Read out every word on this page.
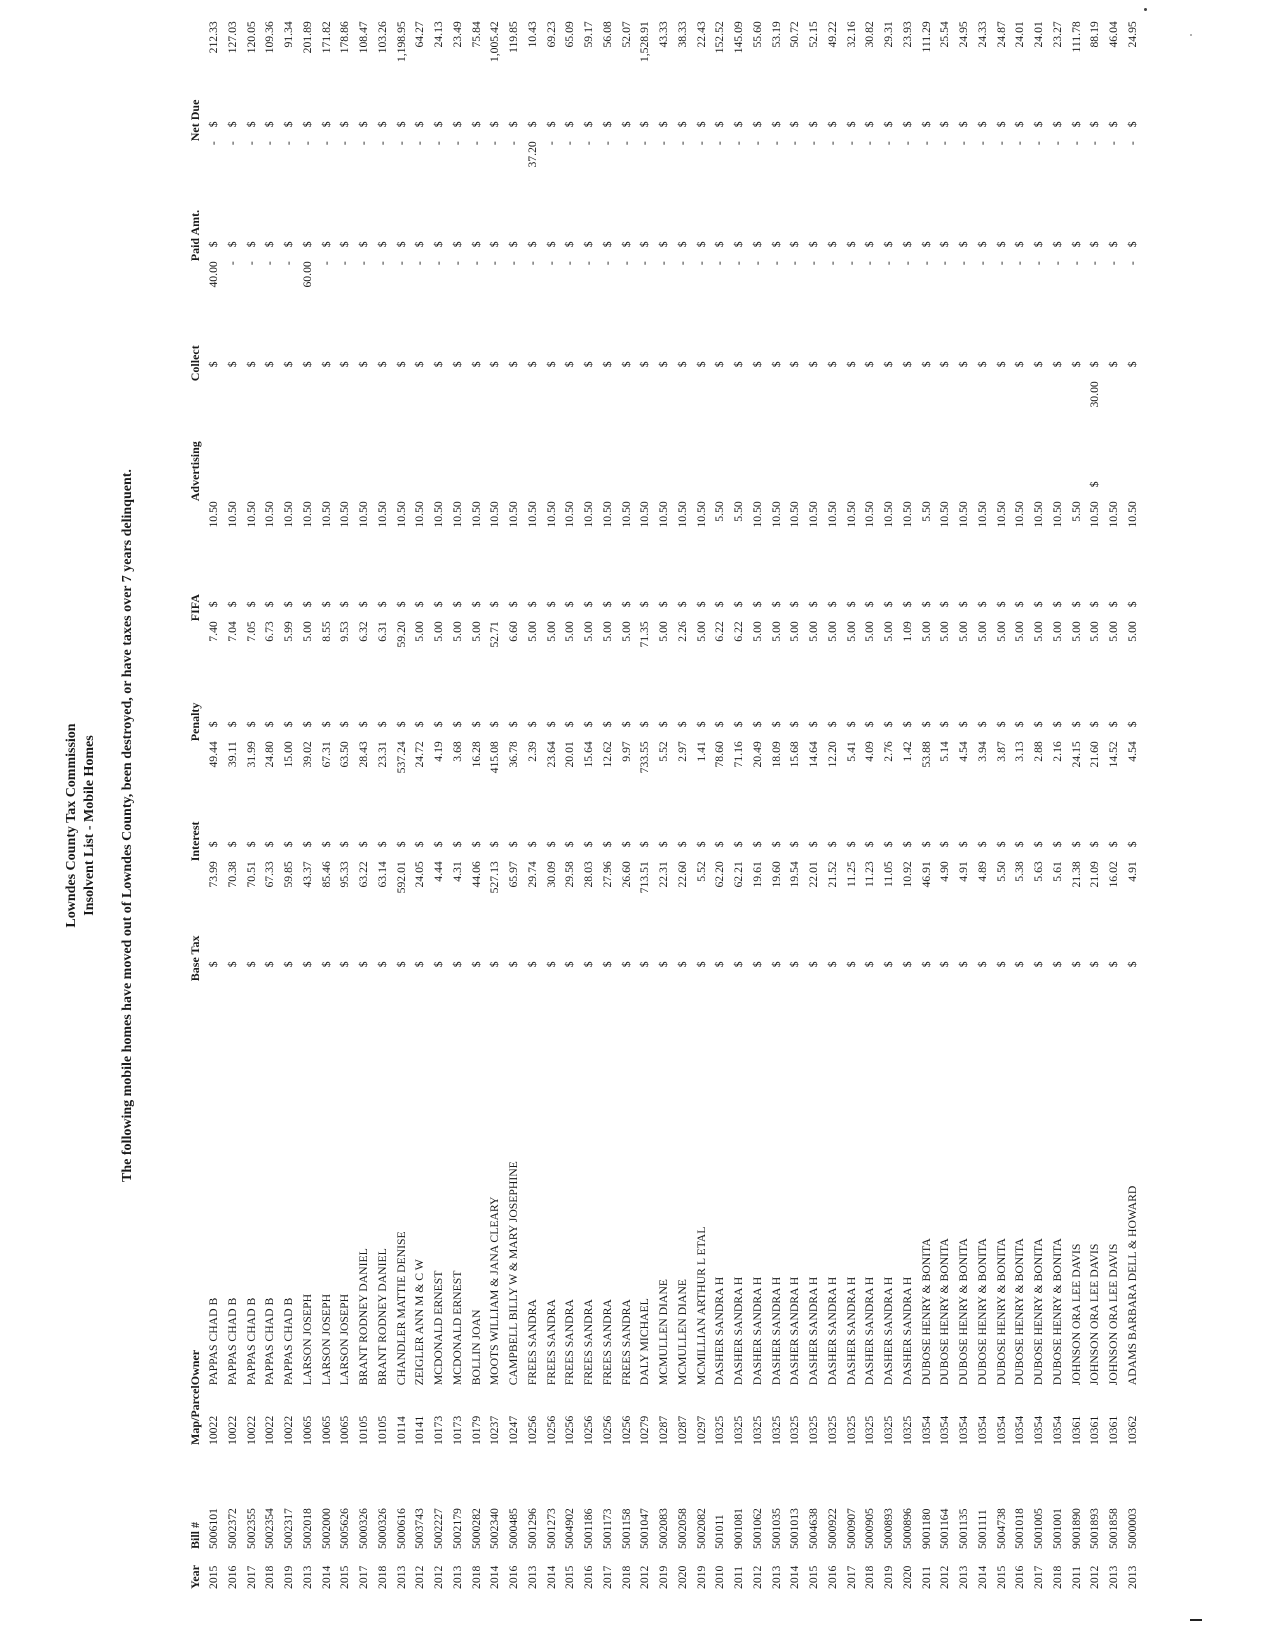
Lowndes County Tax Commission Insolvent List - Mobile Homes The following mobile homes have moved out of Lowndes County, been destroyed, or have taxes over 7 years delinquent.
Year	Bill #	Map/Parcel	Owner	Base Tax	Interest	Penalty	FIFA	Advertising	Collect	Paid Amt.	Net Due
2015	5006101	10022	PAPPAS CHAD B	$73.99	$49.44	$7.40	$10.50		$40.00	$-	$212.33
2016	5002372	10022	PAPPAS CHAD B	$70.38	$39.11	$7.04	$10.50		$-	$-	$127.03
2017	5002355	10022	PAPPAS CHAD B	$70.51	$31.99	$7.05	$10.50		$-	$-	$120.05
2018	5002354	10022	PAPPAS CHAD B	$67.33	$24.80	$6.73	$10.50		$-	$-	$109.36
2019	5002317	10022	PAPPAS CHAD B	$59.85	$15.00	$5.99	$10.50		$-	$-	$91.34
2013	5002018	10065	LARSON JOSEPH	$43.37	$39.02	$5.00	$10.50		$60.00	$-	$201.89
2014	5002000	10065	LARSON JOSEPH	$85.46	$67.31	$8.55	$10.50		$-	$-	$171.82
2015	5005626	10065	LARSON JOSEPH	$95.33	$63.50	$9.53	$10.50		$-	$-	$178.86
2017	5000326	10105	BRANT RODNEY DANIEL	$63.22	$28.43	$6.32	$10.50		$-	$-	$108.47
2018	5000326	10105	BRANT RODNEY DANIEL	$63.14	$23.31	$6.31	$10.50		$-	$-	$103.26
2013	5000616	10114	CHANDLER MATTIE DENISE	$592.01	$537.24	$59.20	$10.50		$-	$-	$1,198.95
2012	5003743	10141	ZEIGLER ANN M & C W	$24.05	$24.72	$5.00	$10.50		$-	$-	$64.27
2012	5002227	10173	MCDONALD ERNEST	$4.44	$4.19	$5.00	$10.50		$-	$-	$24.13
2013	5002179	10173	MCDONALD ERNEST	$4.31	$3.68	$5.00	$10.50		$-	$-	$23.49
2018	5000282	10179	BOLLIN JOAN	$44.06	$16.28	$5.00	$10.50		$-	$-	$75.84
2014	5002340	10237	MOOTS WILLIAM & JANA CLEARY	$527.13	$415.08	$52.71	$10.50		$-	$-	$1,005.42
2016	5000485	10247	CAMPBELL BILLY W & MARY JOSEPHINE	$65.97	$36.78	$6.60	$10.50		$-	$-	$119.85
2013	5001296	10256	FREES SANDRA	$29.74	$2.39	$5.00	$10.50		$-	$37.20	$10.43
2014	5001273	10256	FREES SANDRA	$30.09	$23.64	$5.00	$10.50		$-	$-	$69.23
2015	5004902	10256	FREES SANDRA	$29.58	$20.01	$5.00	$10.50		$-	$-	$65.09
2016	5001186	10256	FREES SANDRA	$28.03	$15.64	$5.00	$10.50		$-	$-	$59.17
2017	5001173	10256	FREES SANDRA	$27.96	$12.62	$5.00	$10.50		$-	$-	$56.08
2018	5001158	10256	FREES SANDRA	$26.60	$9.97	$5.00	$10.50		$-	$-	$52.07
2012	5001047	10279	DALY MICHAEL	$713.51	$733.55	$71.35	$10.50		$-	$-	$1,528.91
2019	5002083	10287	MCMULLEN DIANE	$22.31	$5.52	$5.00	$10.50		$-	$-	$43.33
2020	5002058	10287	MCMULLEN DIANE	$22.60	$2.97	$2.26	$10.50		$-	$-	$38.33
2019	5002082	10297	MCMILLIAN ARTHUR L ETAL	$5.52	$1.41	$5.00	$10.50		$-	$-	$22.43
2010	501011	10325	DASHER SANDRA H	$62.20	$78.60	$6.22	$5.50		$-	$-	$152.52
2011	9001081	10325	DASHER SANDRA H	$62.21	$71.16	$6.22	$5.50		$-	$-	$145.09
2012	5001062	10325	DASHER SANDRA H	$19.61	$20.49	$5.00	$10.50		$-	$-	$55.60
2013	5001035	10325	DASHER SANDRA H	$19.60	$18.09	$5.00	$10.50		$-	$-	$53.19
2014	5001013	10325	DASHER SANDRA H	$19.54	$15.68	$5.00	$10.50		$-	$-	$50.72
2015	5004638	10325	DASHER SANDRA H	$22.01	$14.64	$5.00	$10.50		$-	$-	$52.15
2016	5000922	10325	DASHER SANDRA H	$21.52	$12.20	$5.00	$10.50		$-	$-	$49.22
2017	5000907	10325	DASHER SANDRA H	$11.25	$5.41	$5.00	$10.50		$-	$-	$32.16
2018	5000905	10325	DASHER SANDRA H	$11.23	$4.09	$5.00	$10.50		$-	$-	$30.82
2019	5000893	10325	DASHER SANDRA H	$11.05	$2.76	$5.00	$10.50		$-	$-	$29.31
2020	5000896	10325	DASHER SANDRA H	$10.92	$1.42	$1.09	$10.50		$-	$-	$23.93
2011	9001180	10354	DUBOSE HENRY & BONITA	$46.91	$53.88	$5.00	$5.50		$-	$-	$111.29
2012	5001164	10354	DUBOSE HENRY & BONITA	$4.90	$5.14	$5.00	$10.50		$-	$-	$25.54
2013	5001135	10354	DUBOSE HENRY & BONITA	$4.91	$4.54	$5.00	$10.50		$-	$-	$24.95
2014	5001111	10354	DUBOSE HENRY & BONITA	$4.89	$3.94	$5.00	$10.50		$-	$-	$24.33
2015	5004738	10354	DUBOSE HENRY & BONITA	$5.50	$3.87	$5.00	$10.50		$-	$-	$24.87
2016	5001018	10354	DUBOSE HENRY & BONITA	$5.38	$3.13	$5.00	$10.50		$-	$-	$24.01
2017	5001005	10354	DUBOSE HENRY & BONITA	$5.63	$2.88	$5.00	$10.50		$-	$-	$24.01
2018	5001001	10354	DUBOSE HENRY & BONITA	$5.61	$2.16	$5.00	$10.50		$-	$-	$23.27
2011	9001890	10361	JOHNSON ORA LEE DAVIS	$21.38	$24.15	$5.00	$5.50		$-	$-	$111.78
2012	5001893	10361	JOHNSON ORA LEE DAVIS	$21.09	$21.60	$5.00	$10.50	$30.00	$-	$-	$88.19
2013	5001858	10361	JOHNSON ORA LEE DAVIS	$16.02	$14.52	$5.00	$10.50		$-	$-	$46.04
2013	5000003	10362	ADAMS BARBARA DELL & HOWARD	$4.91	$4.54	$5.00	$10.50		$-	$-	$24.95
